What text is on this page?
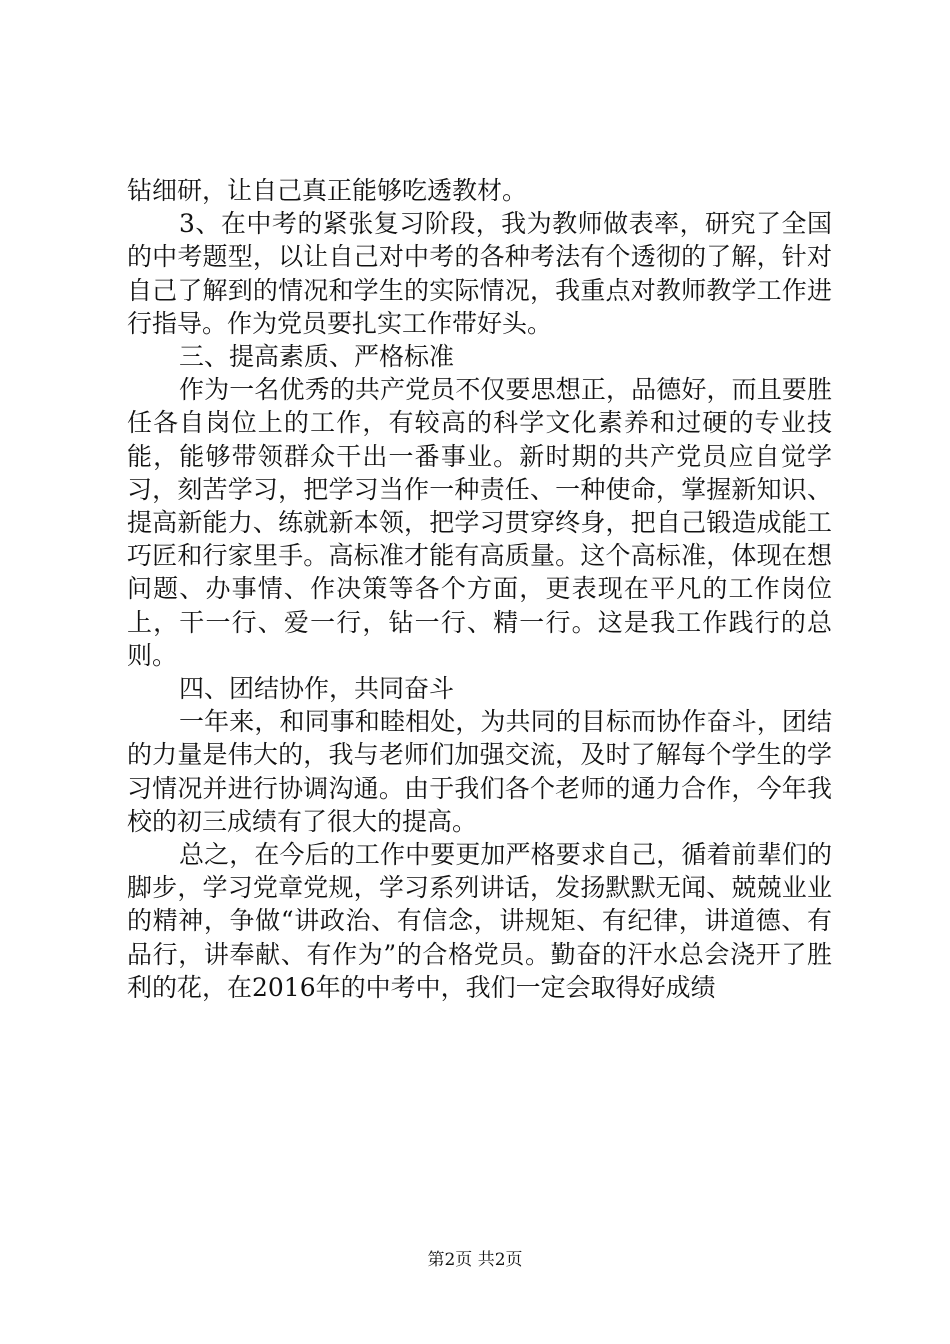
钻细研，让自己真正能够吃透教材。

3、在中考的紧张复习阶段，我为教师做表率，研究了全国的中考题型，以让自己对中考的各种考法有个透彻的了解，针对自己了解到的情况和学生的实际情况，我重点对教师教学工作进行指导。作为党员要扎实工作带好头。

三、提高素质、严格标准

作为一名优秀的共产党员不仅要思想正，品德好，而且要胜任各自岗位上的工作，有较高的科学文化素养和过硬的专业技能，能够带领群众干出一番事业。新时期的共产党员应自觉学习，刻苦学习，把学习当作一种责任、一种使命，掌握新知识、提高新能力、练就新本领，把学习贯穿终身，把自己锻造成能工巧匠和行家里手。高标准才能有高质量。这个高标准，体现在想问题、办事情、作决策等各个方面，更表现在平凡的工作岗位上，干一行、爱一行，钻一行、精一行。这是我工作践行的总则。

四、团结协作，共同奋斗

一年来，和同事和睦相处，为共同的目标而协作奋斗，团结的力量是伟大的，我与老师们加强交流，及时了解每个学生的学习情况并进行协调沟通。由于我们各个老师的通力合作，今年我校的初三成绩有了很大的提高。

总之，在今后的工作中要更加严格要求自己，循着前辈们的脚步，学习党章党规，学习系列讲话，发扬默默无闻、兢兢业业的精神，争做“讲政治、有信念，讲规矩、有纪律，讲道德、有品行，讲奉献、有作为”的合格党员。勤奋的汗水总会浇开了胜利的花，在2016年的中考中，我们一定会取得好成绩

第2页 共2页
